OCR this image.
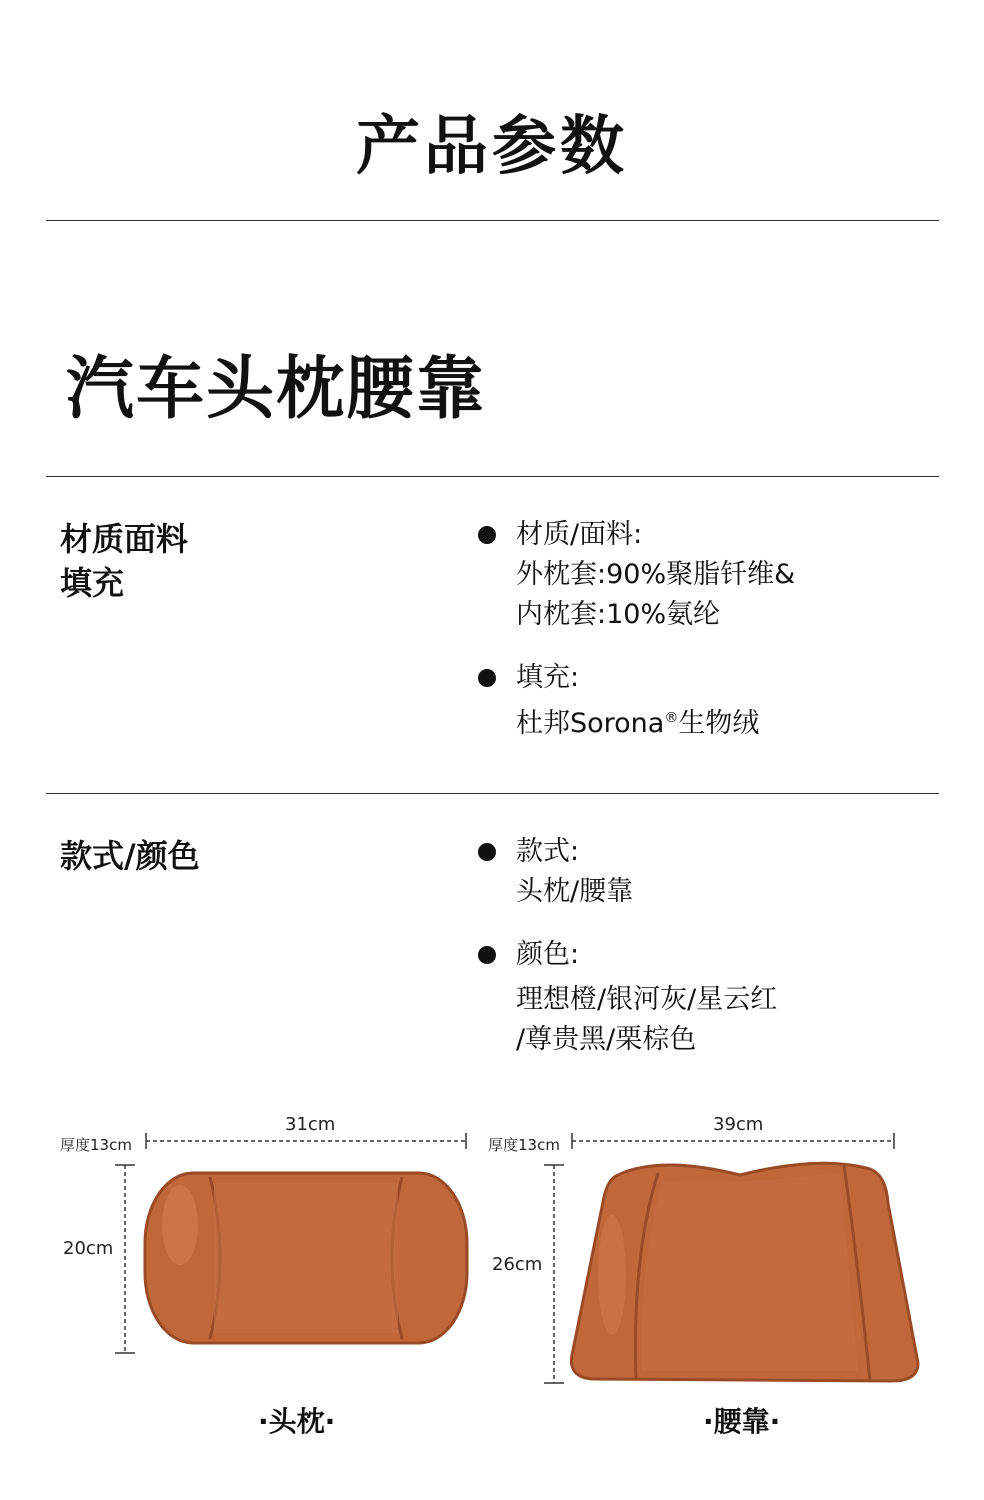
产品参数
汽车头枕腰靠
材质面料
填充
材质/面料:
外枕套:90%聚脂钎维&
内枕套:10%氨纶
填充:
杜邦Sorona®生物绒
款式/颜色	款式:
头枕/腰靠
颜色:
理想橙/银河灰/星云红
/尊贵黑/栗棕色
厚度13cm
31cm
20cm
·头枕·
厚度13cm
39cm
26cm
·腰靠·
